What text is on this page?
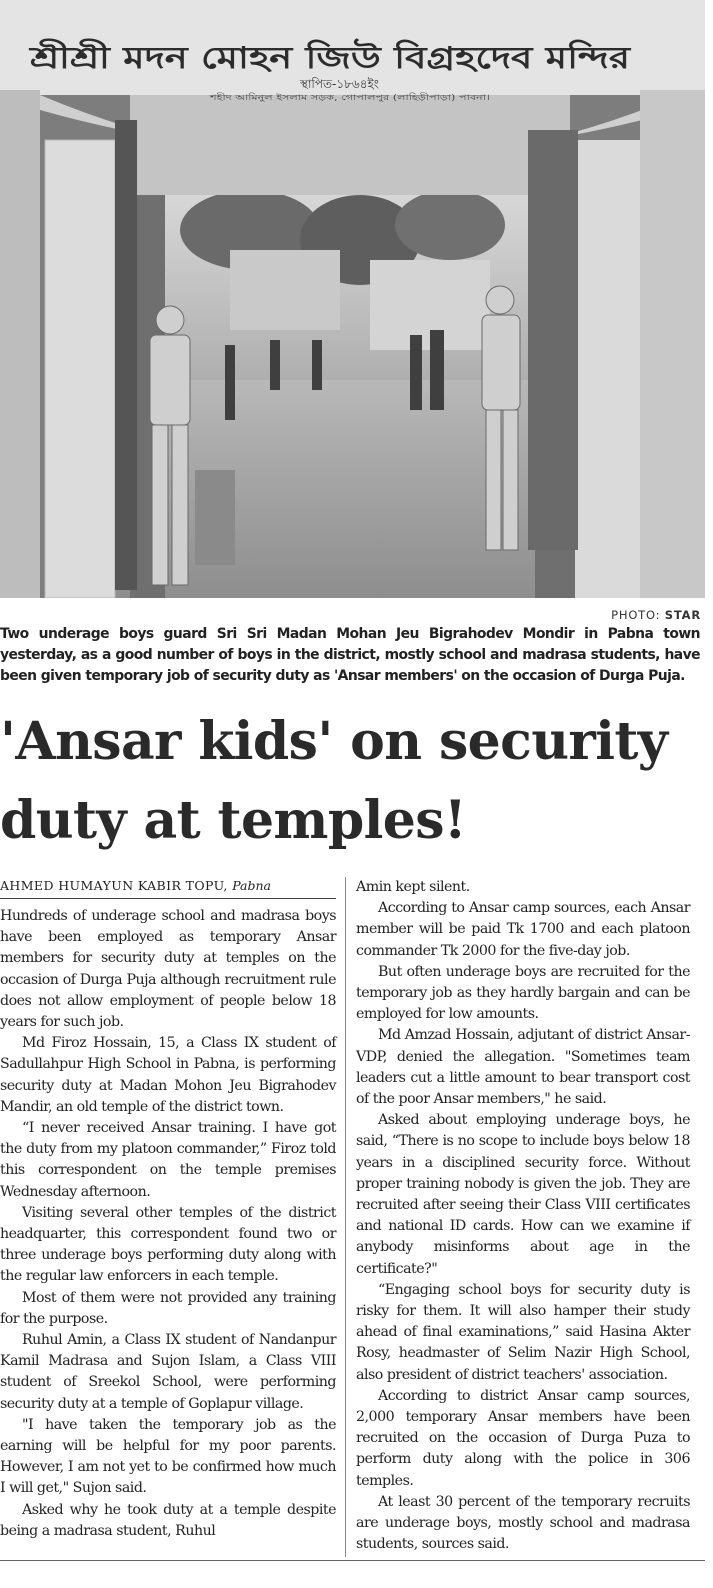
শ্রীশ্রী মদন মোহন জিউ বিগ্রহদেব মন্দির
স্থাপিত-১৮৬৪ইং
শহীদ আমিনুল ইসলাম সড়ক, গোপালপুর (লাহিড়ীপাড়া) পাবনা।
PHOTO: STAR
Two underage boys guard Sri Sri Madan Mohan Jeu Bigrahodev Mondir in Pabna town yesterday, as a good number of boys in the district, mostly school and madrasa students, have been given temporary job of security duty as 'Ansar members' on the occasion of Durga Puja.
'Ansar kids' on security duty at temples!
AHMED HUMAYUN KABIR TOPU, Pabna

Hundreds of underage school and madrasa boys have been employed as temporary Ansar members for security duty at temples on the occasion of Durga Puja although recruitment rule does not allow employment of people below 18 years for such job.

Md Firoz Hossain, 15, a Class IX student of Sadullahpur High School in Pabna, is performing security duty at Madan Mohon Jeu Bigrahodev Mandir, an old temple of the district town.

“I never received Ansar training. I have got the duty from my platoon commander,” Firoz told this correspondent on the temple premises Wednesday afternoon.

Visiting several other temples of the district headquarter, this correspondent found two or three underage boys performing duty along with the regular law enforcers in each temple.

Most of them were not provided any training for the purpose.

Ruhul Amin, a Class IX student of Nandanpur Kamil Madrasa and Sujon Islam, a Class VIII student of Sreekol School, were performing security duty at a temple of Goplapur village.

"I have taken the temporary job as the earning will be helpful for my poor parents. However, I am not yet to be confirmed how much I will get," Sujon said.

Asked why he took duty at a temple despite being a madrasa student, Ruhul

Amin kept silent.

According to Ansar camp sources, each Ansar member will be paid Tk 1700 and each platoon commander Tk 2000 for the five-day job.

But often underage boys are recruited for the temporary job as they hardly bargain and can be employed for low amounts.

Md Amzad Hossain, adjutant of district Ansar-VDP, denied the allegation. "Sometimes team leaders cut a little amount to bear transport cost of the poor Ansar members," he said.

Asked about employing underage boys, he said, “There is no scope to include boys below 18 years in a disciplined security force. Without proper training nobody is given the job. They are recruited after seeing their Class VIII certificates and national ID cards. How can we examine if anybody misinforms about age in the certificate?"

“Engaging school boys for security duty is risky for them. It will also hamper their study ahead of final examinations,” said Hasina Akter Rosy, headmaster of Selim Nazir High School, also president of district teachers' association.

According to district Ansar camp sources, 2,000 temporary Ansar members have been recruited on the occasion of Durga Puza to perform duty along with the police in 306 temples.

At least 30 percent of the temporary recruits are underage boys, mostly school and madrasa students, sources said.
